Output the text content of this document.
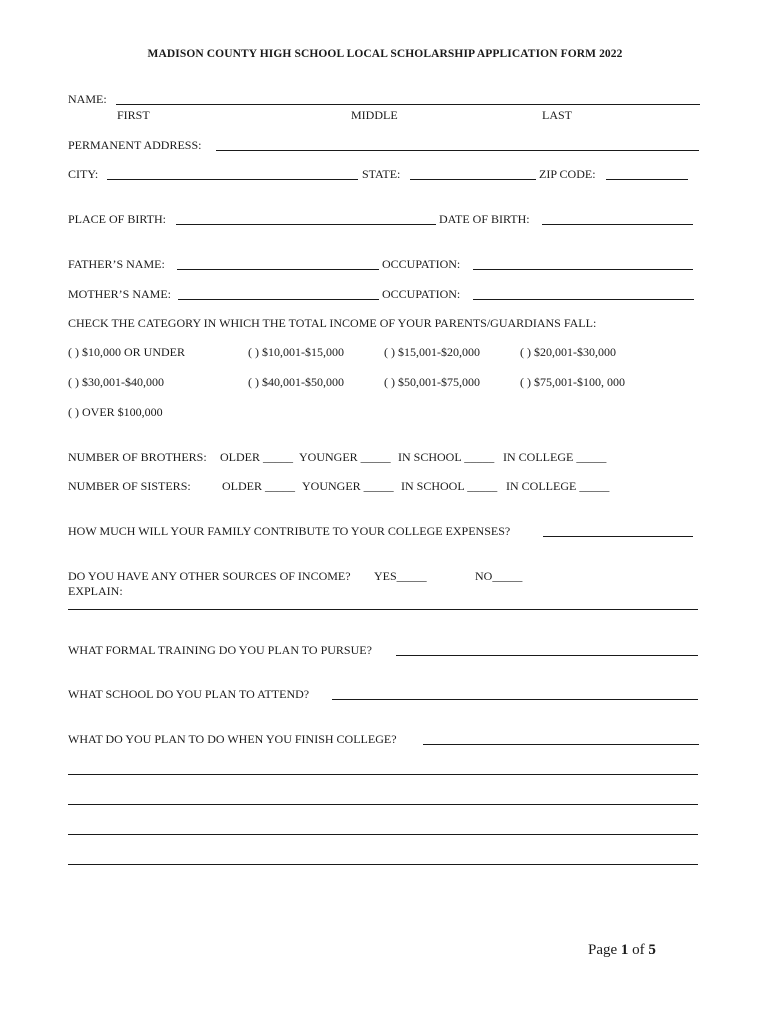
MADISON COUNTY HIGH SCHOOL LOCAL SCHOLARSHIP APPLICATION FORM 2022
NAME:
FIRST	MIDDLE	LAST
PERMANENT ADDRESS:
CITY:	STATE:	ZIP CODE:
PLACE OF BIRTH:	DATE OF BIRTH:
FATHER’S NAME:	OCCUPATION:
MOTHER’S NAME:	OCCUPATION:
CHECK THE CATEGORY IN WHICH THE TOTAL INCOME OF YOUR PARENTS/GUARDIANS FALL:
( ) $10,000 OR UNDER	( ) $10,001-$15,000	( ) $15,001-$20,000	( ) $20,001-$30,000
( ) $30,001-$40,000	( ) $40,001-$50,000	( ) $50,001-$75,000	( ) $75,001-$100, 000
( ) OVER $100,000
NUMBER OF BROTHERS: OLDER _____ YOUNGER _____ IN SCHOOL _____ IN COLLEGE _____
NUMBER OF SISTERS:	OLDER _____ YOUNGER _____ IN SCHOOL _____ IN COLLEGE _____
HOW MUCH WILL YOUR FAMILY CONTRIBUTE TO YOUR COLLEGE EXPENSES?
DO YOU HAVE ANY OTHER SOURCES OF INCOME? YES_____	NO_____
EXPLAIN:
WHAT FORMAL TRAINING DO YOU PLAN TO PURSUE?
WHAT SCHOOL DO YOU PLAN TO ATTEND?
WHAT DO YOU PLAN TO DO WHEN YOU FINISH COLLEGE?
Page 1 of 5
